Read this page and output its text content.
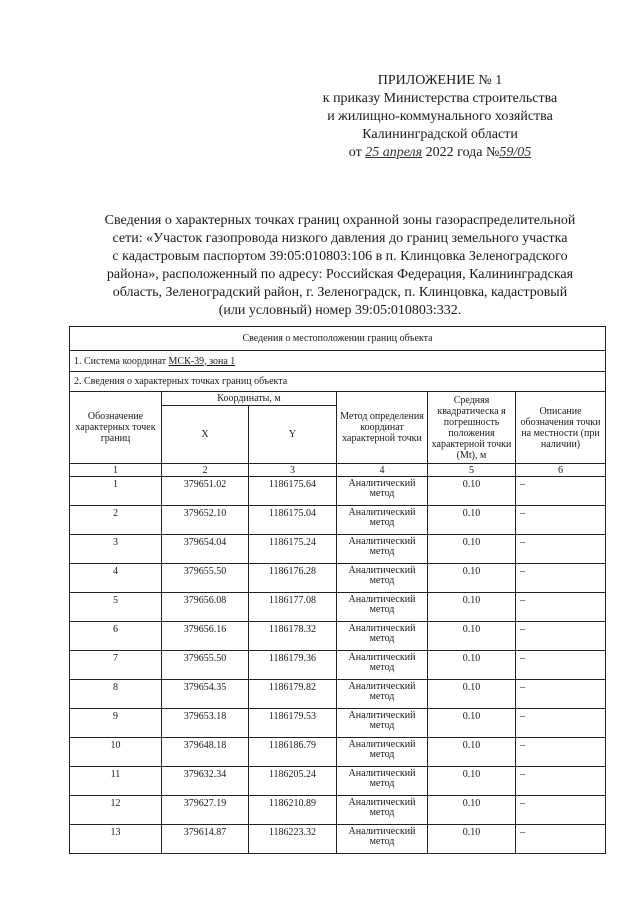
ПРИЛОЖЕНИЕ № 1
к приказу Министерства строительства
и жилищно-коммунального хозяйства
Калининградской области
от 25 апреля 2022 года №59/05
Сведения о характерных точках границ охранной зоны газораспределительной
сети: «Участок газопровода низкого давления до границ земельного участка
с кадастровым паспортом 39:05:010803:106 в п. Клинцовка Зеленоградского
района», расположенный по адресу: Российская Федерация, Калининградская
область, Зеленоградский район, г. Зеленоградск, п. Клинцовка, кадастровый
(или условный) номер 39:05:010803:332.
Сведения о местоположении границ объекта					
1. Система координат МСК-39, зона 1					
2. Сведения о характерных точках границ объекта					
Обозначение характерных точек границ	Координаты, м		Метод определения координат характерной точки	Средняя квадратическа я погрешность положения характерной точки (Mt), м	Описание обозначения точки на местности (при наличии)
	X	Y			
1	2	3	4	5	6
1	379651.02	1186175.64	Аналитический метод	0.10	–
2	379652.10	1186175.04	Аналитический метод	0.10	–
3	379654.04	1186175.24	Аналитический метод	0.10	–
4	379655.50	1186176.28	Аналитический метод	0.10	–
5	379656.08	1186177.08	Аналитический метод	0.10	–
6	379656.16	1186178.32	Аналитический метод	0.10	–
7	379655.50	1186179.36	Аналитический метод	0.10	–
8	379654.35	1186179.82	Аналитический метод	0.10	–
9	379653.18	1186179.53	Аналитический метод	0.10	–
10	379648.18	1186186.79	Аналитический метод	0.10	–
11	379632.34	1186205.24	Аналитический метод	0.10	–
12	379627.19	1186210.89	Аналитический метод	0.10	–
13	379614.87	1186223.32	Аналитический метод	0.10	–
